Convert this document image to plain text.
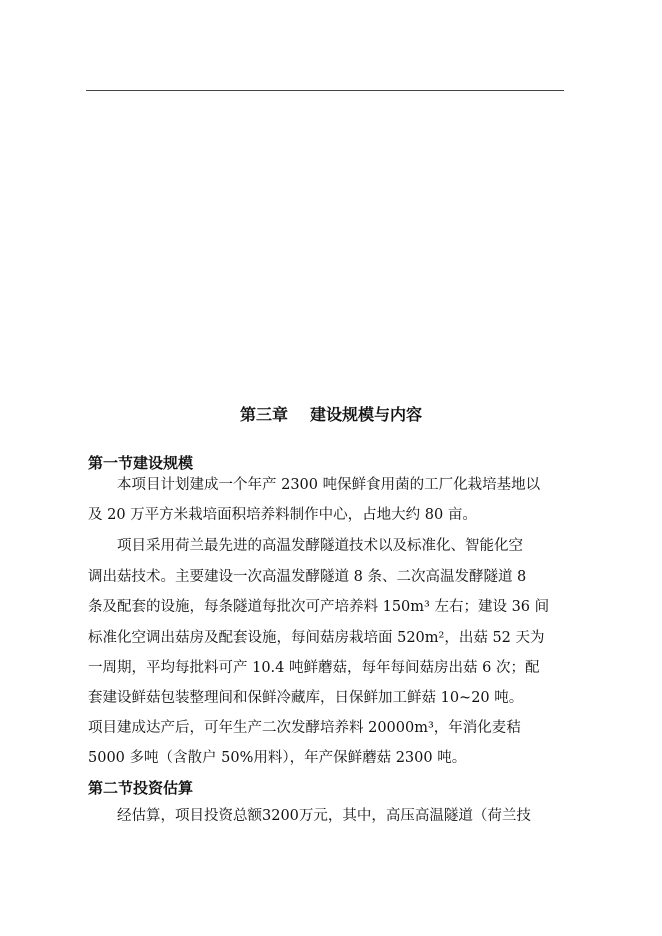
第三章 建设规模与内容
第一节建设规模
本项目计划建成一个年产 2300 吨保鲜食用菌的工厂化栽培基地以
及 20 万平方米栽培面积培养料制作中心，占地大约 80 亩。
项目采用荷兰最先进的高温发酵隧道技术以及标准化、智能化空
调出菇技术。主要建设一次高温发酵隧道 8 条、二次高温发酵隧道 8
条及配套的设施，每条隧道每批次可产培养料 150m³ 左右；建设 36 间
标准化空调出菇房及配套设施，每间菇房栽培面 520m²，出菇 52 天为
一周期，平均每批料可产 10.4 吨鲜蘑菇，每年每间菇房出菇 6 次；配
套建设鲜菇包装整理间和保鲜冷藏库，日保鲜加工鲜菇 10~20 吨。
项目建成达产后，可年生产二次发酵培养料 20000m³，年消化麦秸
5000 多吨（含散户 50%用料），年产保鲜蘑菇 2300 吨。
第二节投资估算
经估算，项目投资总额3200万元，其中，高压高温隧道（荷兰技
